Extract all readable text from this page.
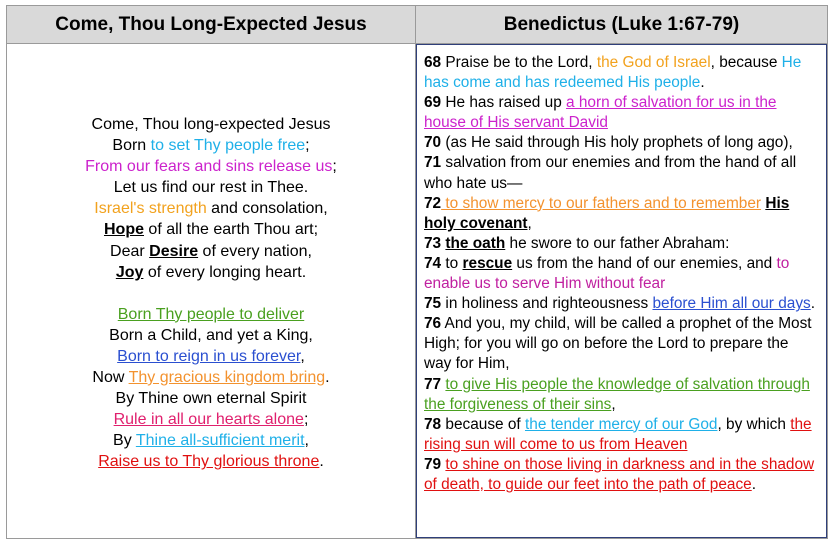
Come, Thou Long-Expected Jesus	Benedictus (Luke 1:67-79)
Come, Thou long-expected Jesus
Born to set Thy people free;
From our fears and sins release us;
Let us find our rest in Thee.
Israel's strength and consolation,
Hope of all the earth Thou art;
Dear Desire of every nation,
Joy of every longing heart.
Born Thy people to deliver
Born a Child, and yet a King,
Born to reign in us forever,
Now Thy gracious kingdom bring.
By Thine own eternal Spirit
Rule in all our hearts alone;
By Thine all-sufficient merit,
Raise us to Thy glorious throne.
68 Praise be to the Lord, the God of Israel, because He has come and has redeemed His people.
69 He has raised up a horn of salvation for us in the house of His servant David
70 (as He said through His holy prophets of long ago),
71 salvation from our enemies and from the hand of all who hate us—
72 to show mercy to our fathers and to remember His holy covenant,
73 the oath he swore to our father Abraham:
74 to rescue us from the hand of our enemies, and to enable us to serve Him without fear
75 in holiness and righteousness before Him all our days.
76 And you, my child, will be called a prophet of the Most High; for you will go on before the Lord to prepare the way for Him,
77 to give His people the knowledge of salvation through the forgiveness of their sins,
78 because of the tender mercy of our God, by which the rising sun will come to us from Heaven
79 to shine on those living in darkness and in the shadow of death, to guide our feet into the path of peace.
